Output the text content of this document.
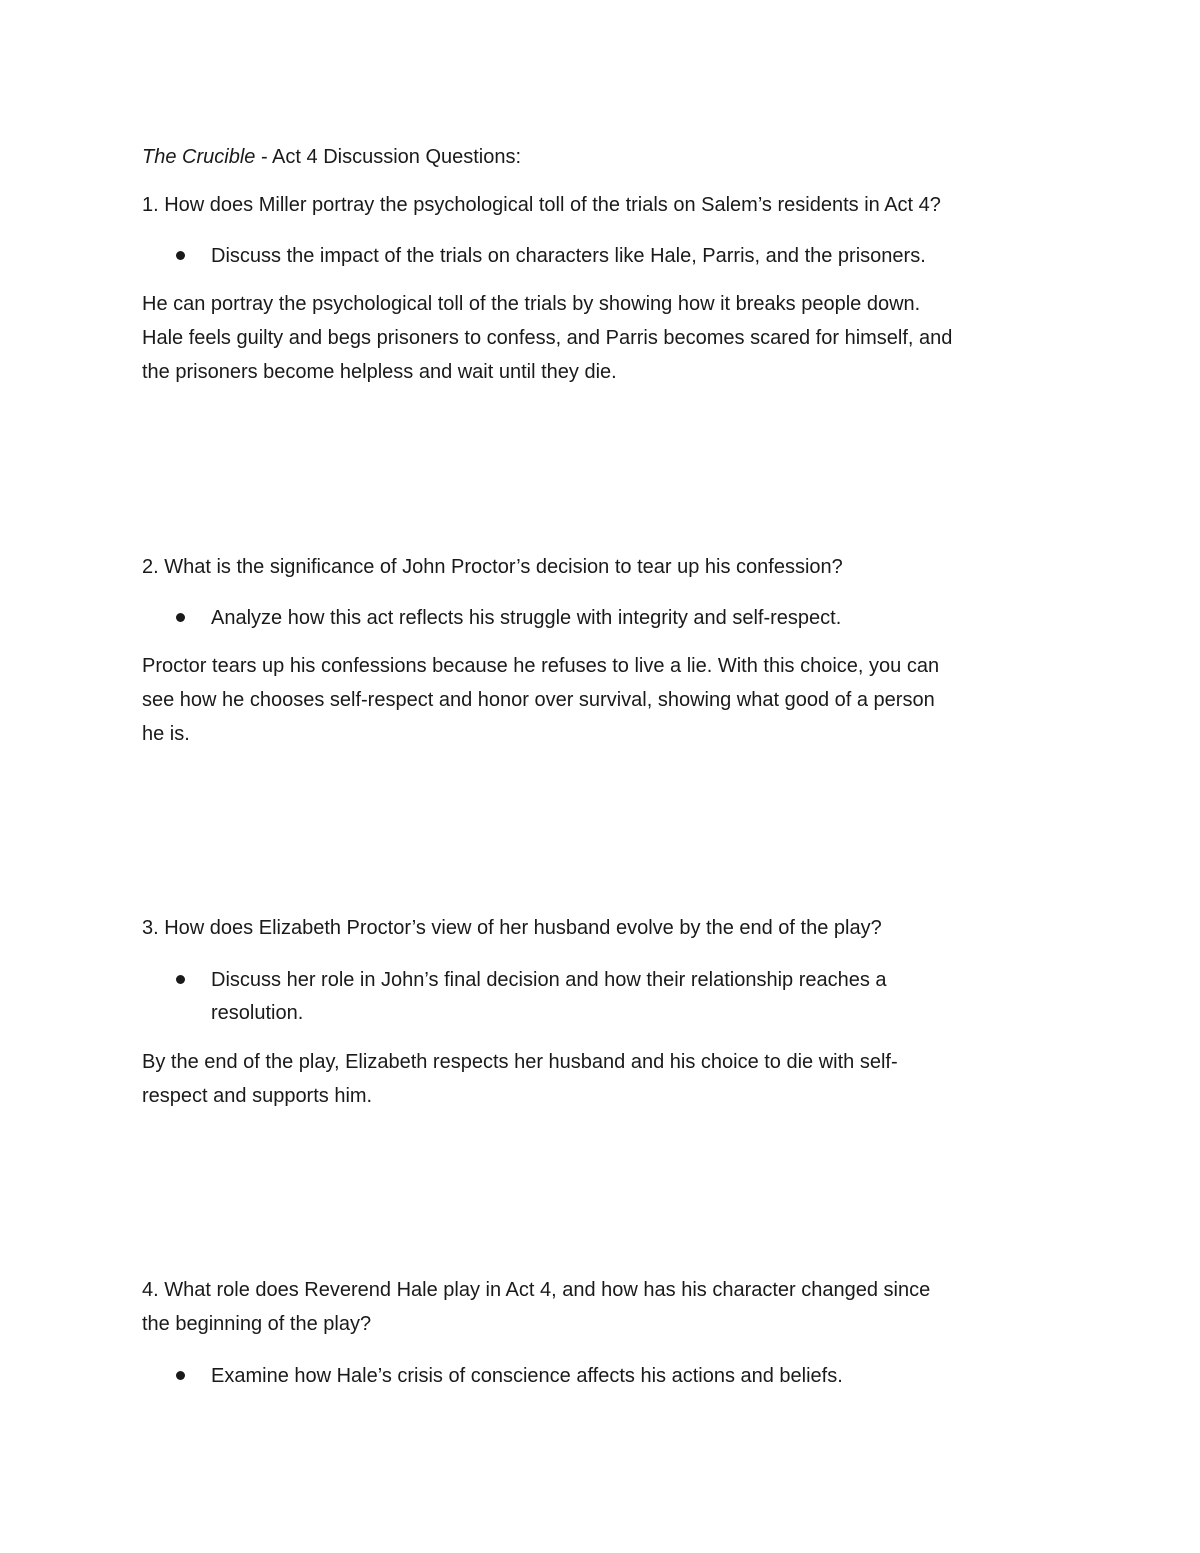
The Crucible - Act 4 Discussion Questions:
1. How does Miller portray the psychological toll of the trials on Salem’s residents in Act 4?
Discuss the impact of the trials on characters like Hale, Parris, and the prisoners.
He can portray the psychological toll of the trials by showing how it breaks people down.
Hale feels guilty and begs prisoners to confess, and Parris becomes scared for himself, and
the prisoners become helpless and wait until they die.
2. What is the significance of John Proctor’s decision to tear up his confession?
Analyze how this act reflects his struggle with integrity and self-respect.
Proctor tears up his confessions because he refuses to live a lie. With this choice, you can
see how he chooses self-respect and honor over survival, showing what good of a person
he is.
3. How does Elizabeth Proctor’s view of her husband evolve by the end of the play?
Discuss her role in John’s final decision and how their relationship reaches a
resolution.
By the end of the play, Elizabeth respects her husband and his choice to die with self-
respect and supports him.
4. What role does Reverend Hale play in Act 4, and how has his character changed since
the beginning of the play?
Examine how Hale’s crisis of conscience affects his actions and beliefs.
